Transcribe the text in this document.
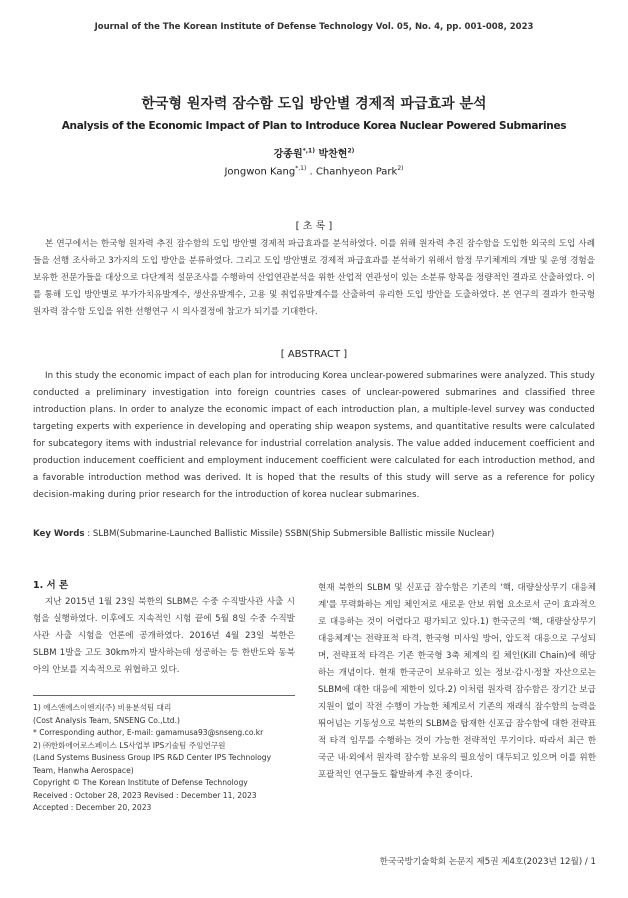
Journal of the The Korean Institute of Defense Technology Vol. 05, No. 4, pp. 001-008, 2023
한국형 원자력 잠수함 도입 방안별 경제적 파급효과 분석
Analysis of the Economic Impact of Plan to Introduce Korea Nuclear Powered Submarines
강종원$^{*,1)}$ 박찬현$^{2)}$
Jongwon Kang$^{*,1)}$ . Chanhyeon Park$^{2)}$
[ 초 록 ]
본 연구에서는 한국형 원자력 추진 잠수함의 도입 방안별 경제적 파급효과를 분석하였다. 이를 위해 원자력 추진 잠수함을 도입한 외국의 도입 사례들을 선행 조사하고 3가지의 도입 방안을 분류하였다. 그리고 도입 방안별로 경제적 파급효과를 분석하기 위해서 함정 무기체계의 개발 및 운영 경험을 보유한 전문가들을 대상으로 다단계적 설문조사를 수행하여 산업연관분석을 위한 산업적 연관성이 있는 소분류 항목을 정량적인 결과로 산출하였다. 이를 통해 도입 방안별로 부가가치유발계수, 생산유발계수, 고용 및 취업유발계수를 산출하여 유리한 도입 방안을 도출하였다. 본 연구의 결과가 한국형 원자력 잠수함 도입을 위한 선행연구 시 의사결정에 참고가 되기를 기대한다.
[ ABSTRACT ]
In this study the economic impact of each plan for introducing Korea unclear-powered submarines were analyzed. This study conducted a preliminary investigation into foreign countries cases of unclear-powered submarines and classified three introduction plans. In order to analyze the economic impact of each introduction plan, a multiple-level survey was conducted targeting experts with experience in developing and operating ship weapon systems, and quantitative results were calculated for subcategory items with industrial relevance for industrial correlation analysis. The value added inducement coefficient and production inducement coefficient and employment inducement coefficient were calculated for each introduction method, and a favorable introduction method was derived. It is hoped that the results of this study will serve as a reference for policy decision-making during prior research for the introduction of korea nuclear submarines.
Key Words : SLBM(Submarine-Launched Ballistic Missile) SSBN(Ship Submersible Ballistic missile Nuclear)
1. 서 론
지난 2015년 1월 23일 북한의 SLBM은 수중 수직발사관 사출 시험을 실행하였다. 이후에도 지속적인 시험 끝에 5월 8일 수중 수직발사관 사출 시험을 언론에 공개하였다. 2016년 4월 23일 북한은 SLBM 1발을 고도 30km까지 발사하는데 성공하는 등 한반도와 동북아의 안보를 지속적으로 위협하고 있다.
1) 에스앤에스이엔지(주) 비용분석팀 대리
(Cost Analysis Team, SNSENG Co.,Ltd.)
* Corresponding author, E-mail: gamamusa93@snseng.co.kr
2) ㈜한화에어로스페이스 LS사업부 IPS기술팀 주임연구원
(Land Systems Business Group IPS R&D Center IPS Technology
Team, Hanwha Aerospace)
Copyright © The Korean Institute of Defense Technology
Received : October 28, 2023 Revised : December 11, 2023
Accepted : December 20, 2023
현재 북한의 SLBM 및 신포급 잠수함은 기존의 '핵, 대량살상무기 대응체계'를 무력화하는 게임 체인저로 새로운 안보 위협 요소로서 군이 효과적으로 대응하는 것이 어렵다고 평가되고 있다.1) 한국군의 '핵, 대량살상무기 대응체계'는 전략표적 타격, 한국형 미사일 방어, 압도적 대응으로 구성되며, 전략표적 타격은 기존 한국형 3축 체계의 킬 체인(Kill Chain)에 해당하는 개념이다. 현재 한국군이 보유하고 있는 정보·감시·정찰 자산으로는 SLBM에 대한 대응에 제한이 있다.2) 이처럼 원자력 잠수함은 장기간 보급 지원이 없이 작전 수행이 가능한 체계로서 기존의 재래식 잠수함의 능력을 뛰어넘는 기동성으로 북한의 SLBM을 탑재한 신포급 잠수함에 대한 전략표적 타격 임무를 수행하는 것이 가능한 전략적인 무기이다. 따라서 최근 한국군 내·외에서 원자력 잠수함 보유의 필요성이 대두되고 있으며 이를 위한 포괄적인 연구들도 활발하게 추진 중이다.
한국국방기술학회 논문지 제5권 제4호(2023년 12월) / 1
